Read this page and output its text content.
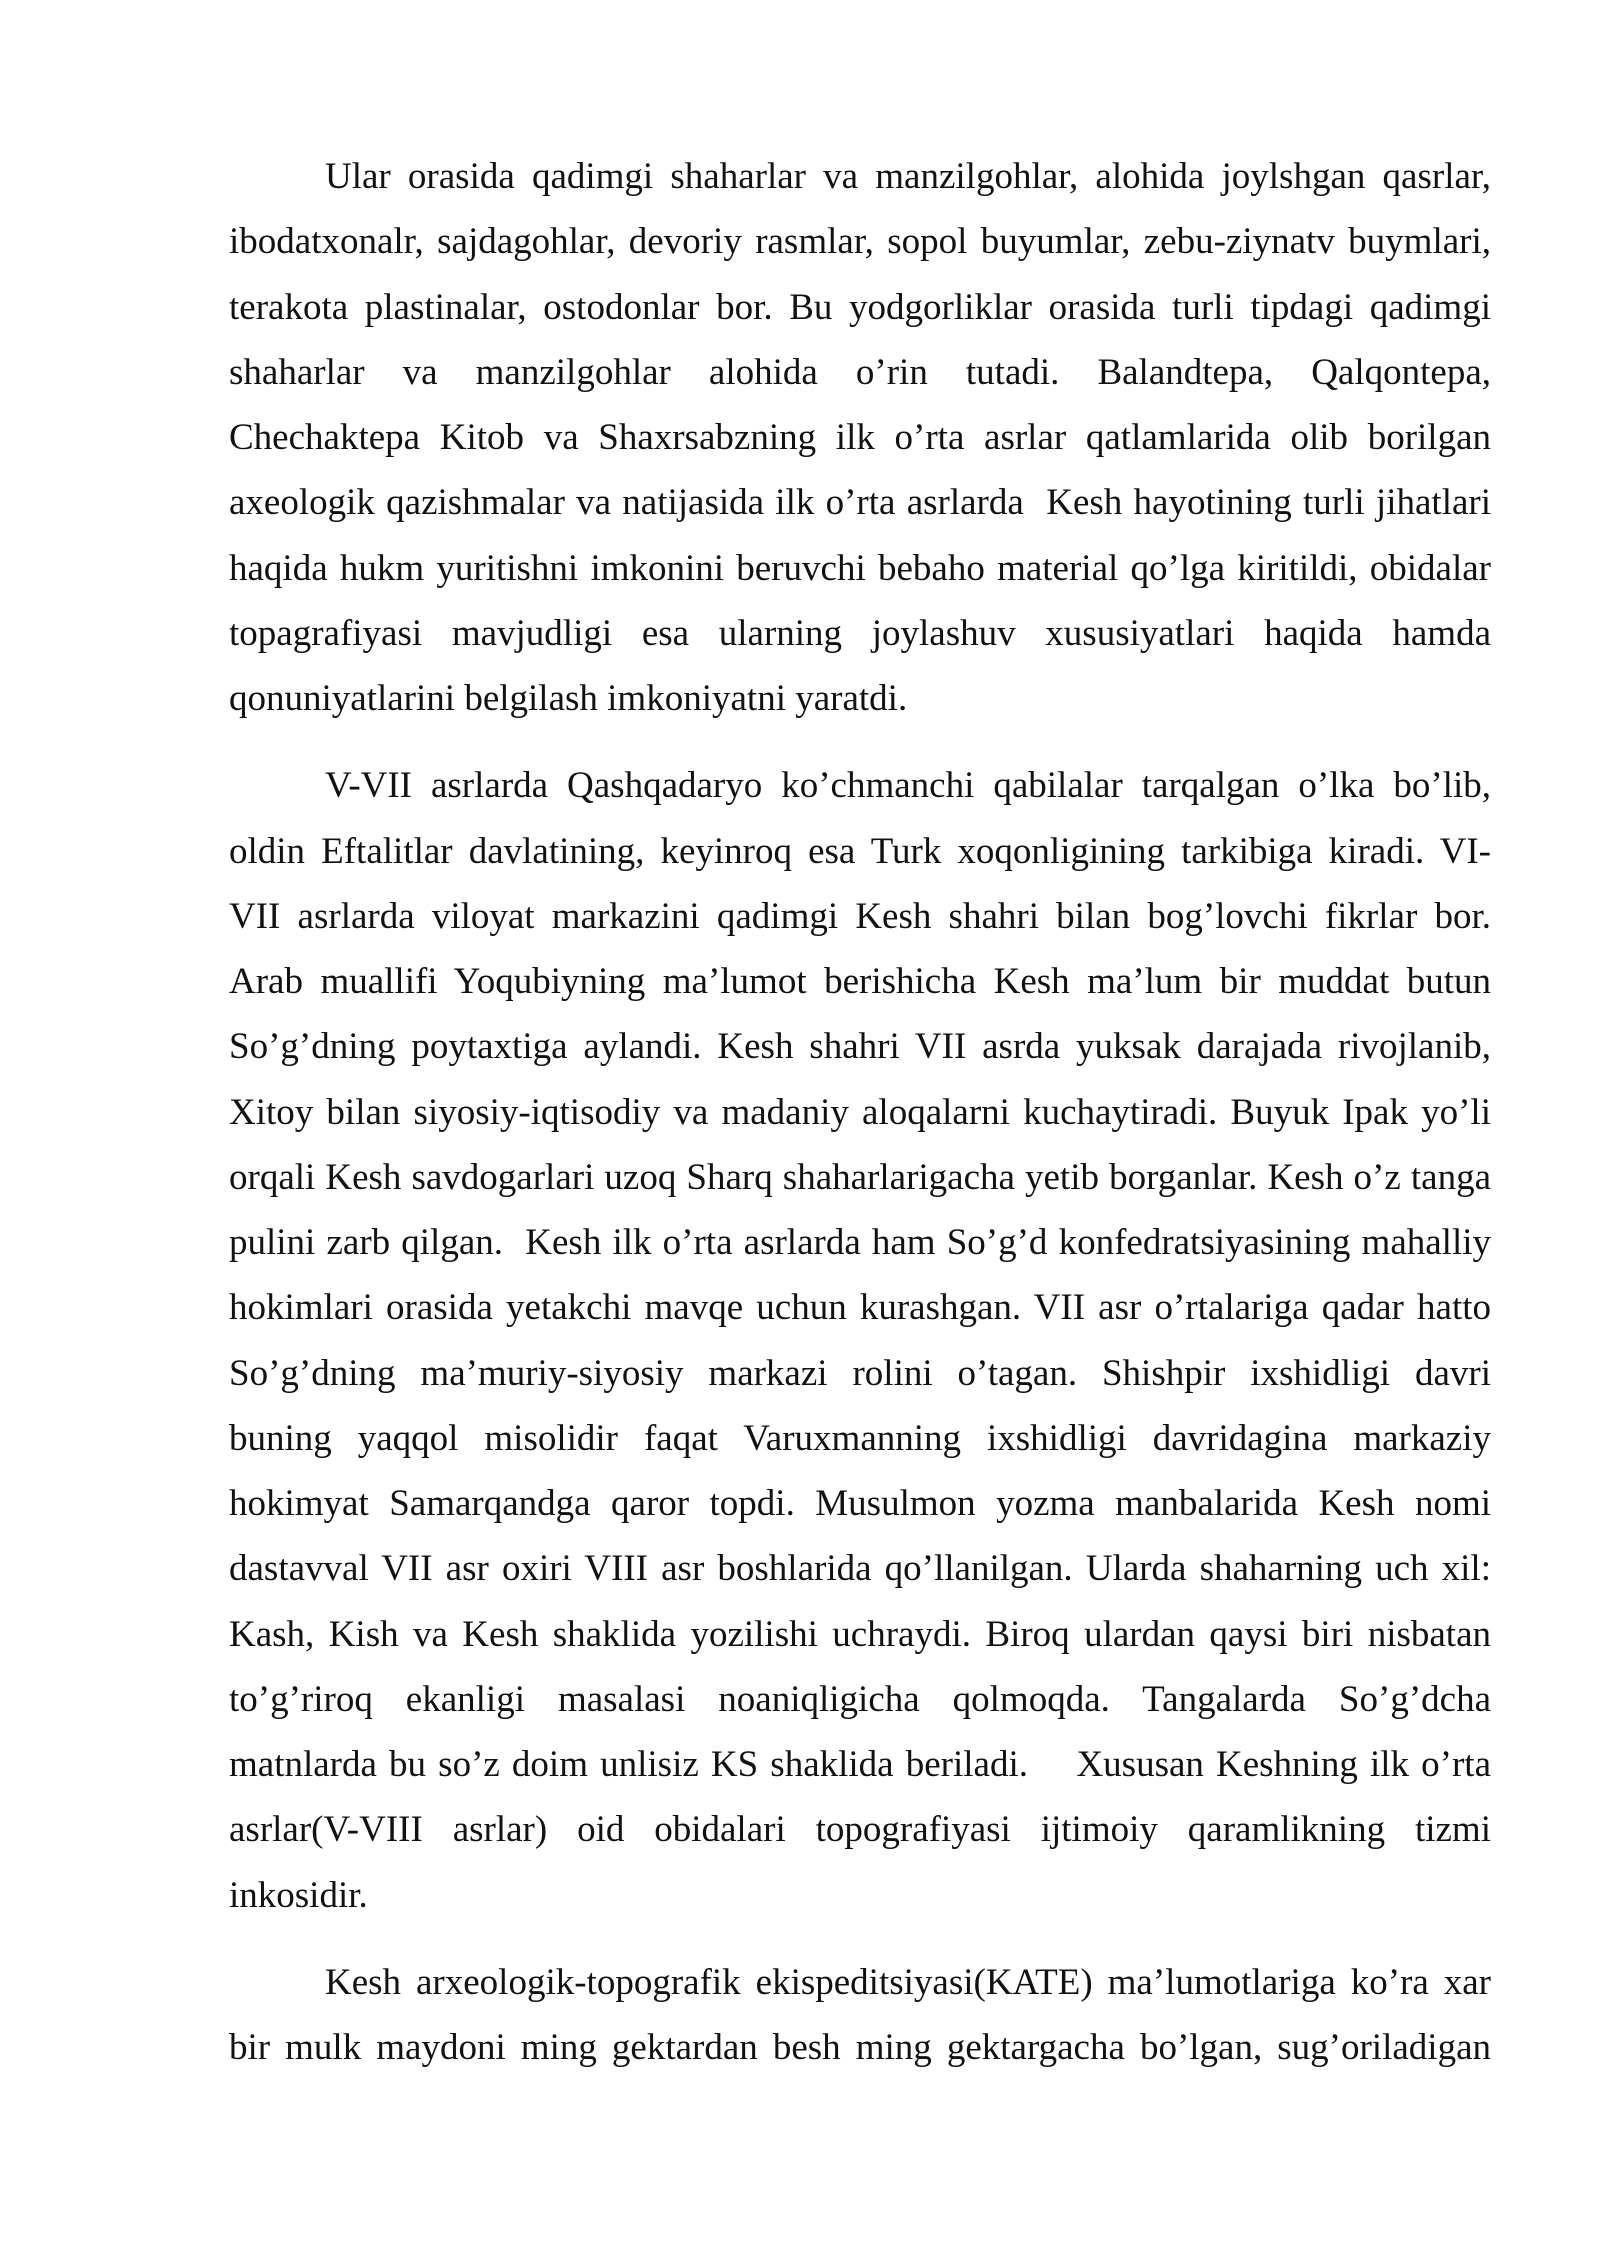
Ular orasida qadimgi shaharlar va manzilgohlar, alohida joylshgan qasrlar,
ibodatxonalr, sajdagohlar, devoriy rasmlar, sopol buyumlar, zebu-ziynatv buymlari,
terakota plastinalar, ostodonlar bor. Bu yodgorliklar orasida turli tipdagi qadimgi
shaharlar va manzilgohlar alohida o’rin tutadi. Balandtepa, Qalqontepa,
Chechaktepa Kitob va Shaxrsabzning ilk o’rta asrlar qatlamlarida olib borilgan
axeologik qazishmalar va natijasida ilk o’rta asrlarda  Kesh hayotining turli jihatlari
haqida hukm yuritishni imkonini beruvchi bebaho material qo’lga kiritildi, obidalar
topagrafiyasi mavjudligi esa ularning joylashuv xususiyatlari haqida hamda
qonuniyatlarini belgilash imkoniyatni yaratdi.
V-VII asrlarda Qashqadaryo ko’chmanchi qabilalar tarqalgan o’lka bo’lib,
oldin Eftalitlar davlatining, keyinroq esa Turk xoqonligining tarkibiga kiradi. VI-
VII asrlarda viloyat markazini qadimgi Kesh shahri bilan bog’lovchi fikrlar bor.
Arab muallifi Yoqubiyning ma’lumot berishicha Kesh ma’lum bir muddat butun
So’g’dning poytaxtiga aylandi. Kesh shahri VII asrda yuksak darajada rivojlanib,
Xitoy bilan siyosiy-iqtisodiy va madaniy aloqalarni kuchaytiradi. Buyuk Ipak yo’li
orqali Kesh savdogarlari uzoq Sharq shaharlarigacha yetib borganlar. Kesh o’z tanga
pulini zarb qilgan.  Kesh ilk o’rta asrlarda ham So’g’d konfedratsiyasining mahalliy
hokimlari orasida yetakchi mavqe uchun kurashgan. VII asr o’rtalariga qadar hatto
So’g’dning ma’muriy-siyosiy markazi rolini o’tagan. Shishpir ixshidligi davri
buning yaqqol misolidir faqat Varuxmanning ixshidligi davridagina markaziy
hokimyat Samarqandga qaror topdi. Musulmon yozma manbalarida Kesh nomi
dastavval VII asr oxiri VIII asr boshlarida qo’llanilgan. Ularda shaharning uch xil:
Kash, Kish va Kesh shaklida yozilishi uchraydi. Biroq ulardan qaysi biri nisbatan
to’g’riroq ekanligi masalasi noaniqligicha qolmoqda. Tangalarda So’g’dcha
matnlarda bu so’z doim unlisiz KS shaklida beriladi.    Xususan Keshning ilk o’rta
asrlar(V-VIII asrlar) oid obidalari topografiyasi ijtimoiy qaramlikning tizmi
inkosidir.
Kesh arxeologik-topografik ekispeditsiyasi(KATE) ma’lumotlariga ko’ra xar
bir mulk maydoni ming gektardan besh ming gektargacha bo’lgan, sug’oriladigan
